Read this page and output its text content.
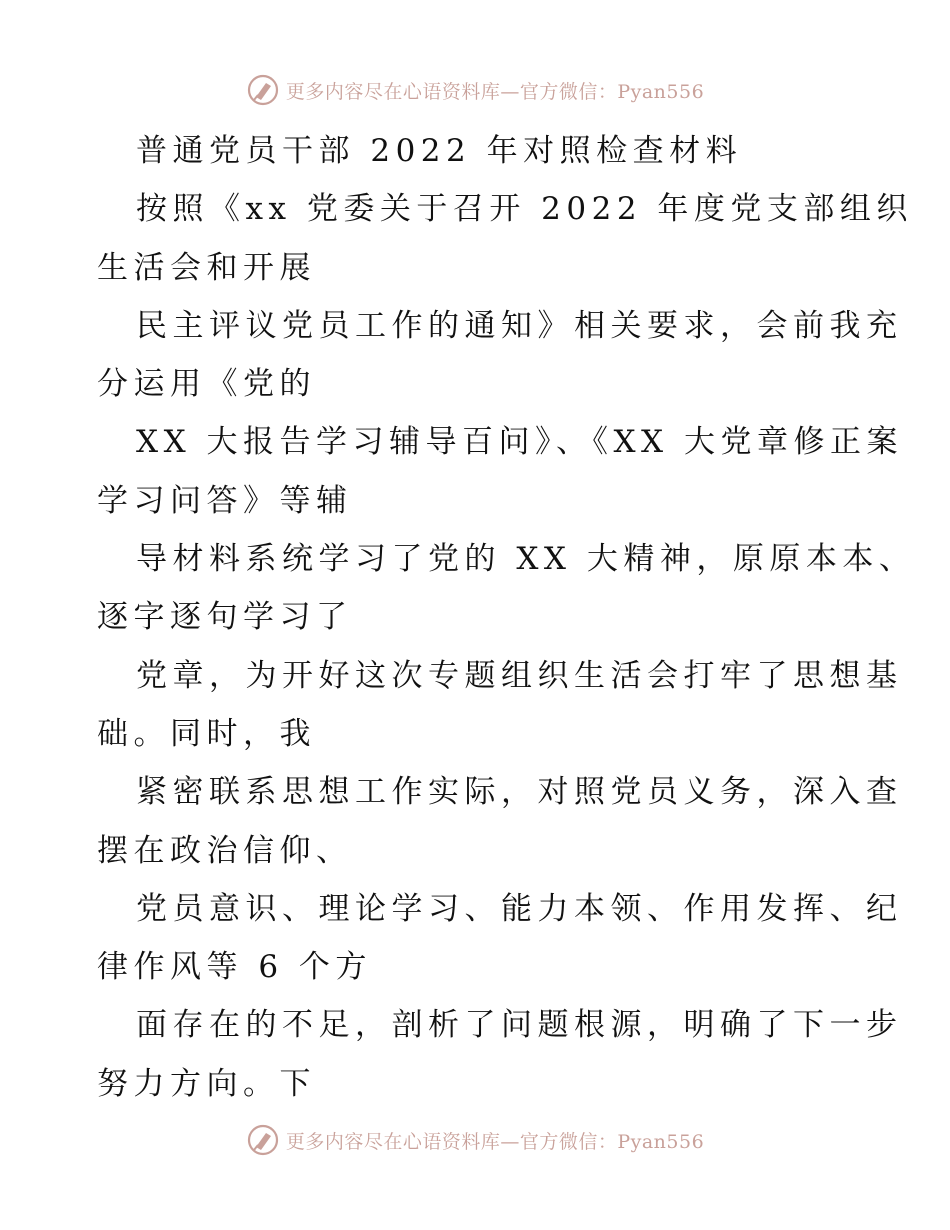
更多内容尽在心语资料库—官方微信：Pyan556
普通党员干部 2022 年对照检查材料
按照《xx 党委关于召开 2022 年度党支部组织
生活会和开展
民主评议党员工作的通知》相关要求，会前我充
分运用《党的
XX 大报告学习辅导百问》、《XX 大党章修正案
学习问答》等辅
导材料系统学习了党的 XX 大精神，原原本本、
逐字逐句学习了
党章，为开好这次专题组织生活会打牢了思想基
础。同时，我
紧密联系思想工作实际，对照党员义务，深入查
摆在政治信仰、
党员意识、理论学习、能力本领、作用发挥、纪
律作风等 6 个方
面存在的不足，剖析了问题根源，明确了下一步
努力方向。下
更多内容尽在心语资料库—官方微信：Pyan556
